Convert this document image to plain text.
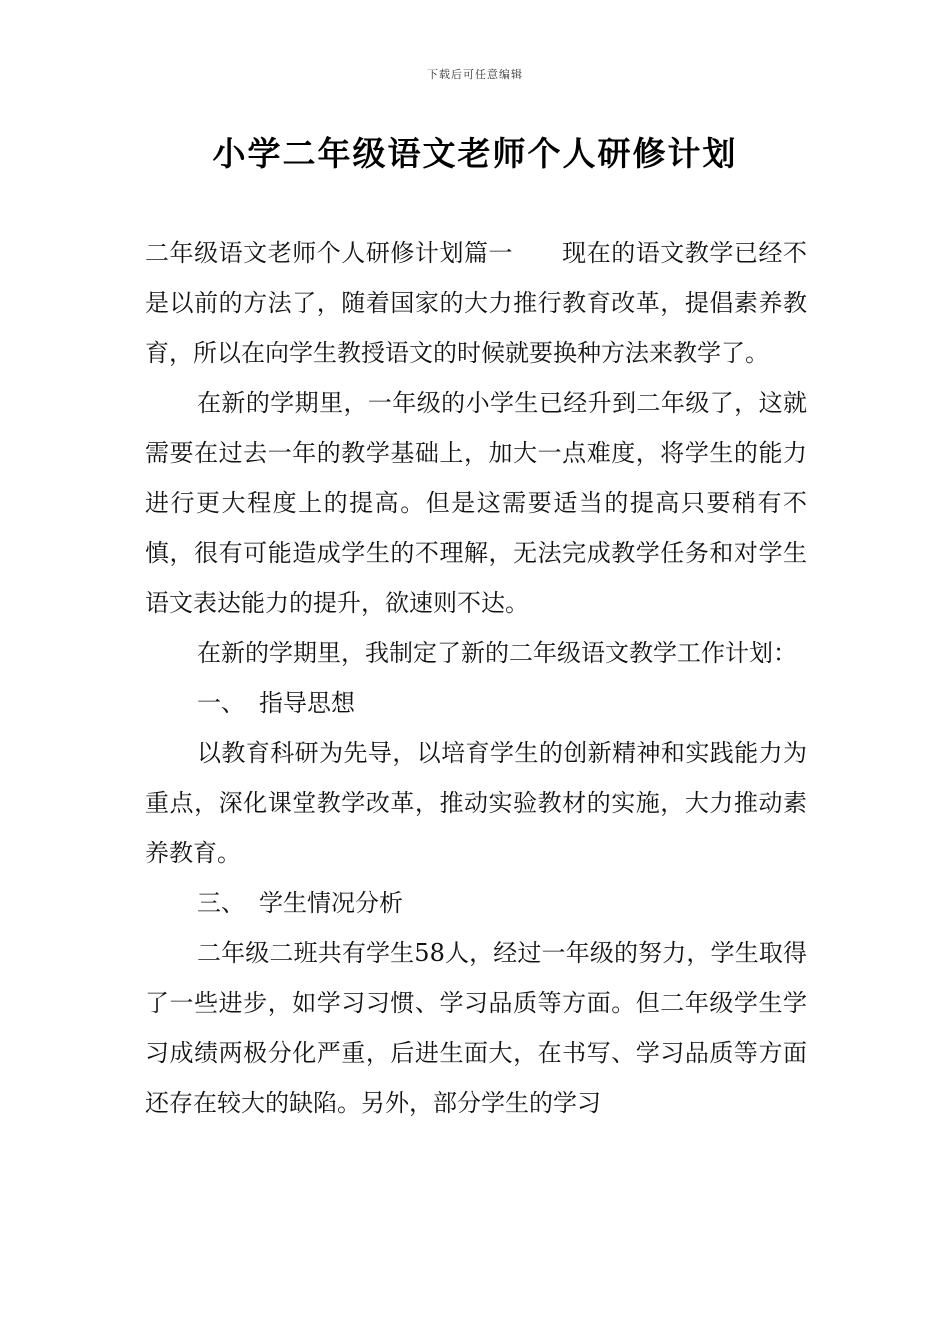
下载后可任意编辑
小学二年级语文老师个人研修计划

二年级语文老师个人研修计划篇一　　现在的语文教学已经不是以前的方法了，随着国家的大力推行教育改革，提倡素养教育，所以在向学生教授语文的时候就要换种方法来教学了。

在新的学期里，一年级的小学生已经升到二年级了，这就需要在过去一年的教学基础上，加大一点难度，将学生的能力进行更大程度上的提高。但是这需要适当的提高只要稍有不慎，很有可能造成学生的不理解，无法完成教学任务和对学生语文表达能力的提升，欲速则不达。

在新的学期里，我制定了新的二年级语文教学工作计划：

一、 指导思想

以教育科研为先导，以培育学生的创新精神和实践能力为重点，深化课堂教学改革，推动实验教材的实施，大力推动素养教育。

三、 学生情况分析

二年级二班共有学生58人，经过一年级的努力，学生取得了一些进步，如学习习惯、学习品质等方面。但二年级学生学习成绩两极分化严重，后进生面大，在书写、学习品质等方面还存在较大的缺陷。另外，部分学生的学习
